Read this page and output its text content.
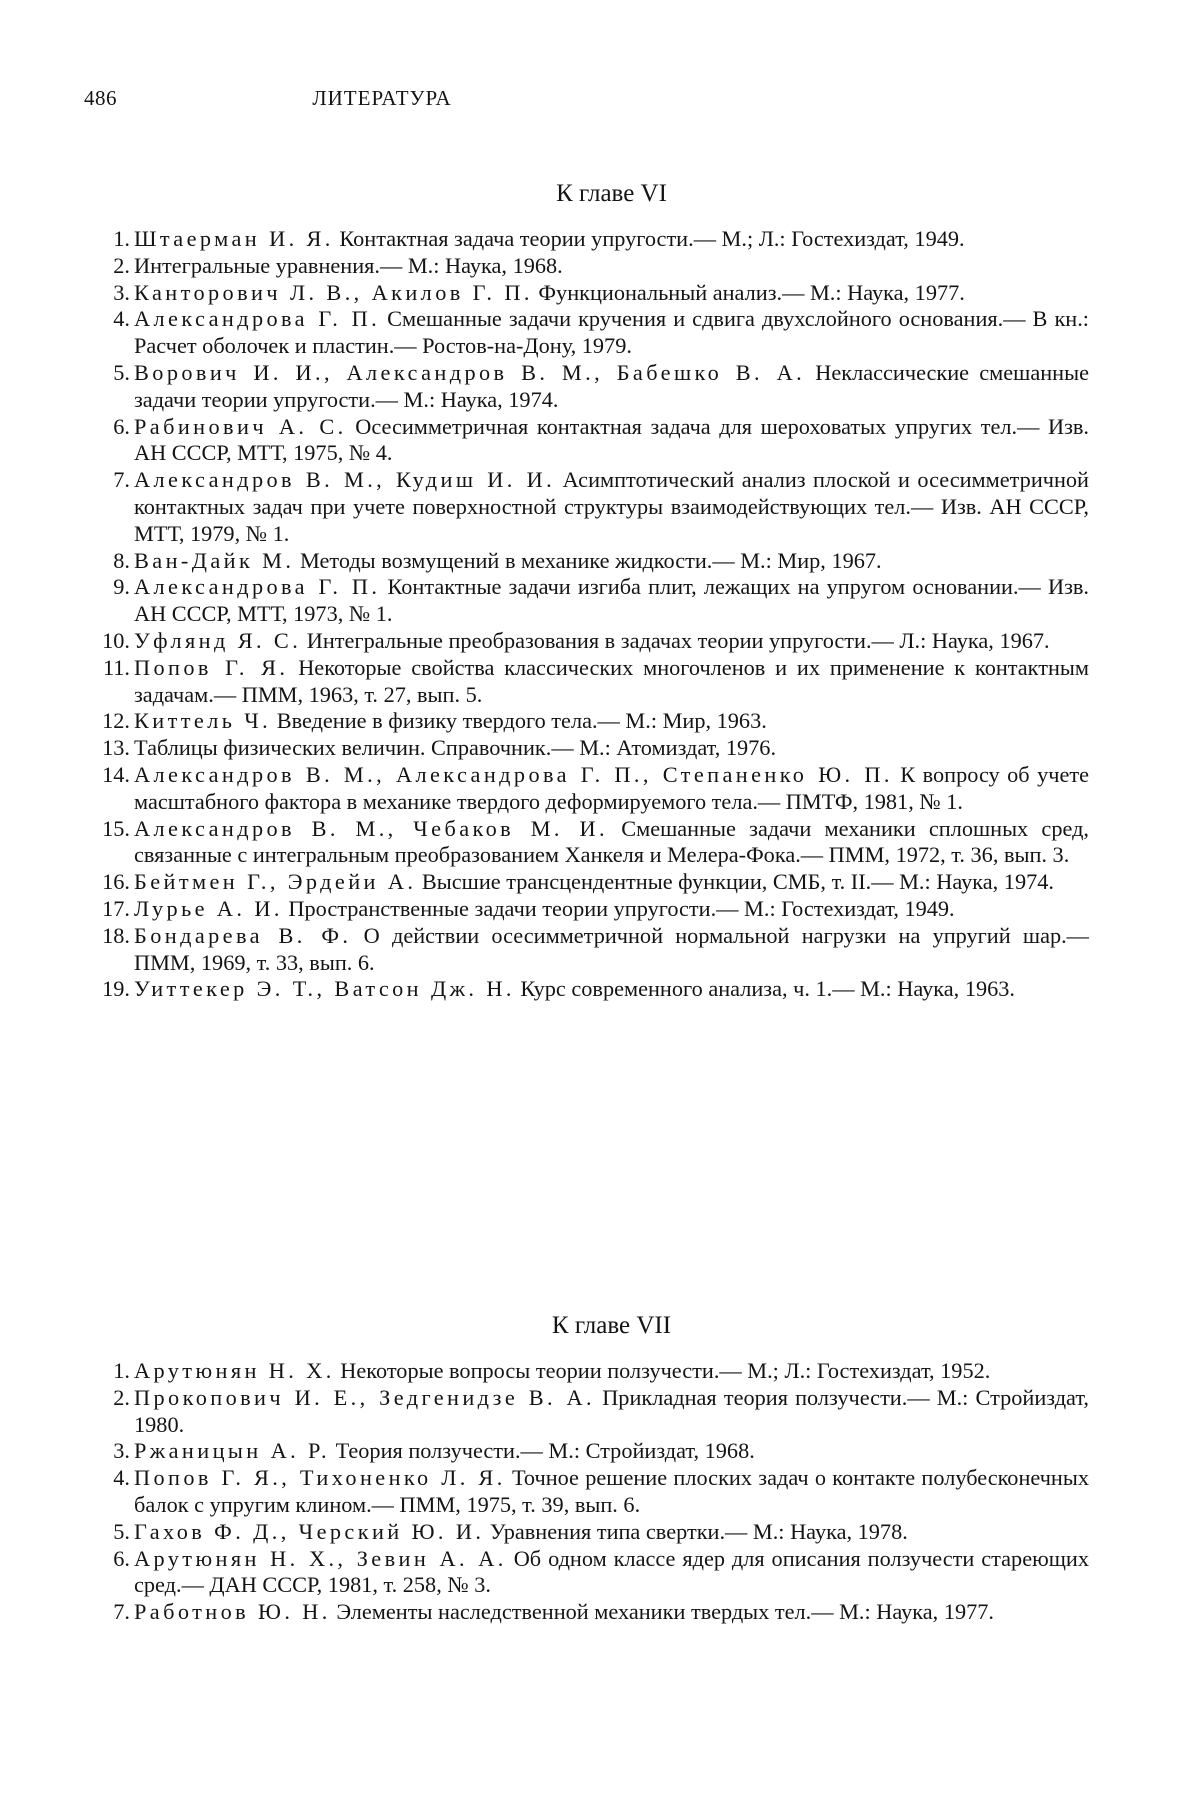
486	ЛИТЕРАТУРА
К главе VI
1. Штаерман И. Я. Контактная задача теории упругости.— М.; Л.: Гостехиздат, 1949.
2. Интегральные уравнения.— М.: Наука, 1968.
3. Канторович Л. В., Акилов Г. П. Функциональный анализ.— М.: Наука, 1977.
4. Александрова Г. П. Смешанные задачи кручения и сдвига двухслойного основания.— В кн.: Расчет оболочек и пластин.— Ростов-на-Дону, 1979.
5. Ворович И. И., Александров В. М., Бабешко В. А. Неклассические смешанные задачи теории упругости.— М.: Наука, 1974.
6. Рабинович А. С. Осесимметричная контактная задача для шероховатых упругих тел.— Изв. АН СССР, МТТ, 1975, № 4.
7. Александров В. М., Кудиш И. И. Асимптотический анализ плоской и осесимметричной контактных задач при учете поверхностной структуры взаимодействующих тел.— Изв. АН СССР, МТТ, 1979, № 1.
8. Ван-Дайк М. Методы возмущений в механике жидкости.— М.: Мир, 1967.
9. Александрова Г. П. Контактные задачи изгиба плит, лежащих на упругом основании.— Изв. АН СССР, МТТ, 1973, № 1.
10. Уфлянд Я. С. Интегральные преобразования в задачах теории упругости.— Л.: Наука, 1967.
11. Попов Г. Я. Некоторые свойства классических многочленов и их применение к контактным задачам.— ПММ, 1963, т. 27, вып. 5.
12. Киттель Ч. Введение в физику твердого тела.— М.: Мир, 1963.
13. Таблицы физических величин. Справочник.— М.: Атомиздат, 1976.
14. Александров В. М., Александрова Г. П., Степаненко Ю. П. К вопросу об учете масштабного фактора в механике твердого деформируемого тела.— ПМТФ, 1981, № 1.
15. Александров В. М., Чебаков М. И. Смешанные задачи механики сплошных сред, связанные с интегральным преобразованием Ханкеля и Мелера-Фока.— ПММ, 1972, т. 36, вып. 3.
16. Бейтмен Г., Эрдейи А. Высшие трансцендентные функции, СМБ, т. II.— М.: Наука, 1974.
17. Лурье А. И. Пространственные задачи теории упругости.— М.: Гостехиздат, 1949.
18. Бондарева В. Ф. О действии осесимметричной нормальной нагрузки на упругий шар.— ПММ, 1969, т. 33, вып. 6.
19. Уиттекер Э. Т., Ватсон Дж. Н. Курс современного анализа, ч. 1.— М.: Наука, 1963.
К главе VII
1. Арутюнян Н. Х. Некоторые вопросы теории ползучести.— М.; Л.: Гостехиздат, 1952.
2. Прокопович И. Е., Зедгенидзе В. А. Прикладная теория ползучести.— М.: Стройиздат, 1980.
3. Ржаницын А. Р. Теория ползучести.— М.: Стройиздат, 1968.
4. Попов Г. Я., Тихоненко Л. Я. Точное решение плоских задач о контакте полубесконечных балок с упругим клином.— ПММ, 1975, т. 39, вып. 6.
5. Гахов Ф. Д., Черский Ю. И. Уравнения типа свертки.— М.: Наука, 1978.
6. Арутюнян Н. Х., Зевин А. А. Об одном классе ядер для описания ползучести стареющих сред.— ДАН СССР, 1981, т. 258, № 3.
7. Работнов Ю. Н. Элементы наследственной механики твердых тел.— М.: Наука, 1977.
